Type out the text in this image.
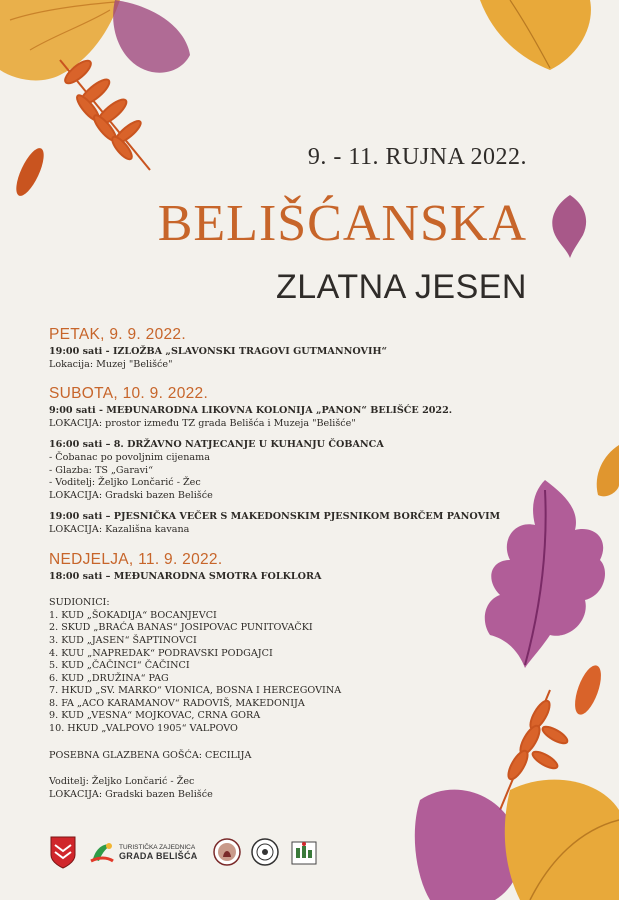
9. - 11. RUJNA 2022.
BELIŠĆANSKA
ZLATNA JESEN
PETAK, 9. 9. 2022.
19:00 sati - IZLOŽBA „SLAVONSKI TRAGOVI GUTMANNOVIH“
Lokacija: Muzej "Belišće"
SUBOTA, 10. 9. 2022.
9:00 sati - MEĐUNARODNA LIKOVNA KOLONIJA „PANON“ BELIŠĆE 2022.
LOKACIJA: prostor između TZ grada Belišća i Muzeja "Belišće"
16:00 sati – 8. DRŽAVNO NATJECANJE U KUHANJU ČOBANCA
- Čobanac po povoljnim cijenama
- Glazba: TS „Garavi“
- Voditelj: Željko Lončarić - Žec
LOKACIJA: Gradski bazen Belišće
19:00 sati – PJESNIČKA VEČER S MAKEDONSKIM PJESNIKOM BORČEM PANOVIM
LOKACIJA: Kazališna kavana
NEDJELJA, 11. 9. 2022.
18:00 sati – MEĐUNARODNA SMOTRA FOLKLORA
SUDIONICI:
1. KUD „ŠOKADIJA“ BOCANJEVCI
2. SKUD „BRAĆA BANAS“ JOSIPOVAC PUNITOVAČKI
3. KUD „JASEN“ ŠAPTINOVCI
4. KUU „NAPREDAK“ PODRAVSKI PODGAJCI
5. KUD „ČAČINCI“ ČAČINCI
6. KUD „DRUŽINA“ PAG
7. HKUD „SV. MARKO“ VIONICA, BOSNA I HERCEGOVINA
8. FA „ACO KARAMANOV“ RADOVIŠ, MAKEDONIJA
9. KUD „VESNA“ MOJKOVAC, CRNA GORA
10. HKUD „VALPOVO 1905“ VALPOVO
POSEBNA GLAZBENA GOŠĆA: CECILIJA
Voditelj: Željko Lončarić - Žec
LOKACIJA: Gradski bazen Belišće
TURISTIČKA ZAJEDNICA
GRADA BELIŠĆA
